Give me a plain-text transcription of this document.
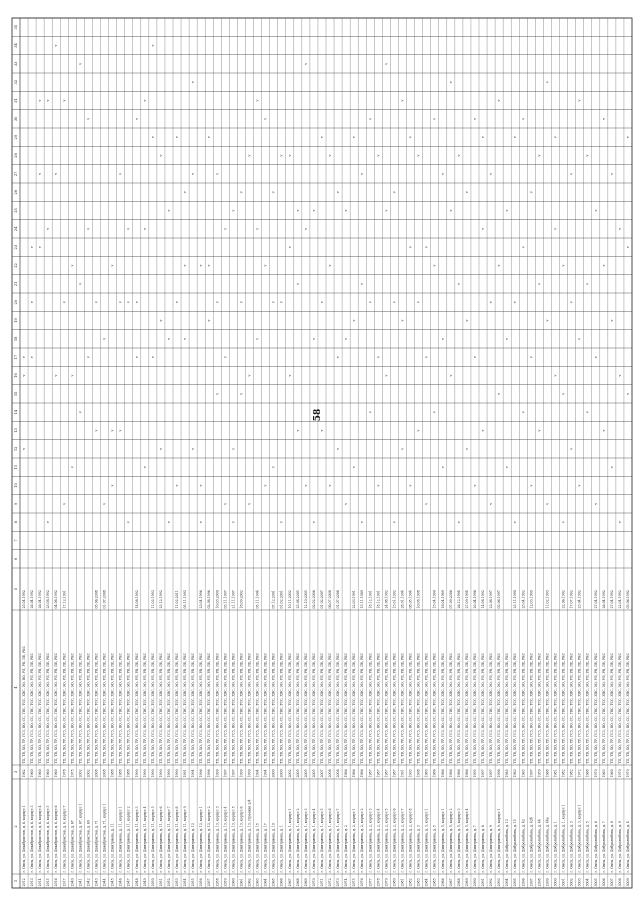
1
2
3
4
5
6
7
8
9
10
11
12
13
14
15
16
17
18
19
20
21
22
23
24
25
26
27
28
29
30
31
32
33
34
35
2912
г. Омск, ул. Декабристов, д. 6, корпус 1
1962
ТП, ТВ, ХО, ТР, ГСЗ, ВО, СС, ГВС, ТСС, ХВС, ЭО, ВО, РЛ, РВ, ЛЕ, РКС
25.04.1992
v
v
v
2913
г. Омск, ул. Декабристов, д. 6, корпус 3
1960
ТП, ТВ, ХО, ТР, ГСЗ, ВО, СС, ГВС, ТСС, ХВС, ЭО, РЛ, РВ, ЛЕ, РКС
26.04.1992
v
v
v
2914
г. Омск, ул. Декабристов, д. 6, корпус 4
1960
ТП, ТВ, ХО, ТР, ГСЗ, ВО, СС, ГВС, ТСС, ХВС, ЭО, РЛ, РВ, ЛЕ, РКС
26.04.1992
v
v
v
2915
г. Омск, ул. Декабристов, д. 6, корпус 5
1960
ТП, ТВ, ХО, ТР, ГСЗ, ВО, СС, ГВС, ТСС, ХВС, ЭО, РЛ, РВ, ЛЕ, РКС
25.08.1992
v
v
v
2916
г. Омск, ул. Декабристов, д. 6, корпус 6
1960
ТП, ТВ, ХО, ТР, ГСЗ, ВО, СС, ГВС, ТСС, ХВС, ЭО, РЛ, РВ, ЛЕ, РКС
04.08.1992
v
v
v
2917
г. Омск, ул. Декабристов, д. 6, корпус 7
1978
ТП, ТВ, ХО, ТР, ГСЗ, ВО, СС, ГВС, ТСС, ХВС, ЭО, РЛ, РВ, ЛЕ, РКС
17.12.1991
v
v
v
2940
г. Омск, ул. Декабристов, д. 67
1975
ТП, ТВ, ХО, ТР, ГСЗ, ВО, СС, ГВС, ТСС, ХВС, ЭО, РЛ, РВ, ЛЕ, РКС
v
v
v
2941
г. Омск, ул. Декабристов, д. 67, корпус 1
2002
ТП, ТВ, ХО, ТР, ГСЗ, ВО, СС, ГВС, ТСС, ХВС, ЭО, РЛ, РВ, ЛЕ, РКС
v
v
v
2942
г. Омск, ул. Декабристов, д. 69
2002
ТП, ТВ, ХО, ТР, ГСЗ, ВО, СС, ГВС, ТСС, ХВС, ЭО, РЛ, РВ, ЛЕ, РКС
v
v
v
2943
г. Омск, ул. Декабристов, д. 71
2008
ТП, ТВ, ХО, ТР, ГСЗ, ВО, СС, ГВС, ТСС, ХВС, ЭО, РЛ, РВ, ЛЕ, РКС
05.06.2008
v
v
2944
г. Омск, ул. Декабристов, д. 71, корпус 1
2008
ТП, ТВ, ХО, ТР, ГСЗ, ВО, СС, ГВС, ТСС, ХВС, ЭО, РЛ, РВ, ЛЕ, РКС
01.07.2008
v
v
2945
г. Омск, ул. Дмитриева, д. 11
1988
ТП, ТВ, ХО, ТР, ГСЗ, ВО, СС, ГВС, ТСС, ХВС, ЭО, РЛ, РВ, ЛЕ, РКС
v
v
v
2946
г. Омск, ул. Дмитриева, д. 11, корпус 1
1988
ТП, ТВ, ХО, ТР, ГСЗ, ВО, СС, ГВС, ТСС, ХВС, ЭО, РЛ, РВ, ЛЕ, РКС
v
v
v
2947
г. Омск, ул. Дмитриева, д. 11, корпус 2
1988
ТП, ТВ, ХО, ТР, ГСЗ, ВО, СС, ГВС, ТСС, ХВС, ЭО, РЛ, РВ, ЛЕ, РКС
v
v
v
2948
г. Омск, ул. Дмитриева, д. 11, корпус 3
1990
ТП, ТВ, ХО, ТР, ГСЗ, ВО, СС, ГВС, ТСС, ХВС, ЭО, РЛ, РВ, ЛЕ, РКС
14.08.1992
v
v
v
2949
г. Омск, ул. Дмитриева, д. 11, корпус 4
1990
ТП, ТВ, ХО, ТР, ГСЗ, ВО, СС, ГВС, ТСС, ХВС, ЭО, РЛ, РВ, ЛЕ, РКС
v
v
v
2950
г. Омск, ул. Дмитриева, д. 11, корпус 5
1990
ТП, ТВ, ХО, ТР, ГСЗ, ВО, СС, ГВС, ТСС, ХВС, ЭО, РЛ, РВ, ЛЕ, РКС
11.02.1993
v
v
v
2951
г. Омск, ул. Дмитриева, д. 11, корпус 6
1990
ТП, ТВ, ХО, ТР, ГСЗ, ВО, СС, ГВС, ТСС, ХВС, ЭО, РЛ, РВ, ЛЕ, РКС
25.12.1992
v
v
v
2952
г. Омск, ул. Дмитриева, д. 11, корпус 7
1990
ТП, ТВ, ХО, ТР, ГСЗ, ВО, СС, ГВС, ТСС, ХВС, ЭО, РЛ, РВ, ЛЕ, РКС
v
v
v
2953
г. Омск, ул. Дмитриева, д. 11, корпус 8
1990
ТП, ТВ, ХО, ТР, ГСЗ, ВО, СС, ГВС, ТСС, ХВС, ЭО, РЛ, РВ, ЛЕ, РКС
11.02.2011
v
v
v
2954
г. Омск, ул. Дмитриева, д. 11, корпус 9
1991
ТП, ТВ, ХО, ТР, ГСЗ, ВО, СС, ГВС, ТСС, ХВС, ЭО, РЛ, РВ, ЛЕ, РКС
05.11.1993
v
v
v
2955
г. Омск, ул. Дмитриева, д. 13
1994
ТП, ТВ, ХО, ТР, ГСЗ, ВО, СС, ГВС, ТСС, ХВС, ЭО, РЛ, РВ, ЛЕ, РКС
v
v
v
2956
г. Омск, ул. Дмитриева, д. 13, корпус 1
1996
ТП, ТВ, ХО, ТР, ГСЗ, ВО, СС, ГВС, ТСС, ХВС, ЭО, РЛ, РВ, ЛЕ, РКС
23.04.1996
v
v
v
2957
г. Омск, ул. Дмитриева, д. 13, корпус 2
1996
ТП, ТВ, ХО, ТР, ГСЗ, ВО, СС, ГВС, ТСС, ХВС, ЭО, РЛ, РВ, ЛЕ, РКС
02.08.1996
v
v
v
2958
г. Омск, ул. Дмитриева, д. 13, корпус 3
1999
ТП, ТВ, ХО, ТР, ГСЗ, ВО, СС, ГВС, ТСС, ХВС, ЭО, РЛ, РВ, ЛЕ, РКС
10.03.2000
v
v
v
2959
г. Омск, ул. Дмитриева, д. 13, корпус 4
1997
ТП, ТВ, ХО, ТР, ГСЗ, ВО, СС, ГВС, ТСС, ХВС, ЭО, РЛ, РВ, ЛЕ, РКС
03.11.1997
v
v
v
2960
г. Омск, ул. Дмитриева, д. 13, корпус 5
1997
ТП, ТВ, ХО, ТР, ГСЗ, ВО, СС, ГВС, ТСС, ХВС, ЭО, РЛ, РВ, ЛЕ, РКС
21.11.1997
v
v
v
2961
г. Омск, ул. Дмитриева, д. 13, корпус 6
1999
ТП, ТВ, ХО, ТР, ГСЗ, ВО, СС, ГВС, ТСС, ХВС, ЭО, РЛ, РВ, ЛЕ, РКС
18.09.2002
v
v
v
2962
г. Омск, ул. Дмитриева, д. 13, строение 2/4
1999
ТП, ТВ, ХО, ТР, ГСЗ, ВО, СС, ГВС, ТСС, ХВС, ЭО, РЛ, РВ, ЛЕ, РКС
v
v
v
2963
г. Омск, ул. Дмитриева, д. 15
1994
ТП, ТВ, ХО, ТР, ГСЗ, ВО, СС, ГВС, ТСС, ХВС, ЭО, РЛ, РВ, ЛЕ, РКС
05.11.1994
v
v
v
2964
г. Омск, ул. Дмитриева, д. 17
1994
ТП, ТВ, ХО, ТР, ГСЗ, ВО, СС, ГВС, ТСС, ХВС, ЭО, РЛ, РВ, ЛЕ, РКС
v
v
v
2965
г. Омск, ул. Дмитриева, д. 19
2000
ТП, ТВ, ХО, ТР, ГСЗ, ВО, СС, ГВС, ТСС, ХВС, ЭО, РЛ, РВ, ЛЕ, РКС
07.12.2001
v
v
v
2966
г. Омск, ул. Дмитриева, д. 1
2000
ТП, ТВ, ХО, ТР, ГСЗ, ВО, СС, ГВС, ТСС, ХВС, ЭО, РЛ, РВ, ЛЕ, РКС
01.02.2001
v
v
v
2967
г. Омск, ул. Дмитриева, д. 1, корпус 1
2002
ТП, ТВ, ХО, ТР, ГСЗ, ВО, СС, ГВС, ТСС, ХВС, ЭО, РЛ, РВ, ЛЕ, РКС
10.11.2002
v
v
v
2968
г. Омск, ул. Дмитриева, д. 1, корпус 2
2005
ТП, ТВ, ХО, ТР, ГСЗ, ВО, СС, ГВС, ТСС, ХВС, ЭО, РЛ, РВ, ЛЕ, РКС
25.08.2005
v
v
v
2969
г. Омск, ул. Дмитриева, д. 1, корпус 3
2005
ТП, ТВ, ХО, ТР, ГСЗ, ВО, СС, ГВС, ТСС, ХВС, ЭО, РЛ, РВ, ЛЕ, РКС
12.10.2005
v
v
v
2970
г. Омск, ул. Дмитриева, д. 1, корпус 4
2005
ТП, ТВ, ХО, ТР, ГСЗ, ВО, СС, ГВС, ТСС, ХВС, ЭО, РЛ, РВ, ЛЕ, РКС
02.02.2006
v
v
v
2971
г. Омск, ул. Дмитриева, д. 1, корпус 5
2007
ТП, ТВ, ХО, ТР, ГСЗ, ВО, СС, ГВС, ТСС, ХВС, ЭО, РЛ, РВ, ЛЕ, РКС
01.02.2007
v
v
v
2972
г. Омск, ул. Дмитриева, д. 1, корпус 6
2008
ТП, ТВ, ХО, ТР, ГСЗ, ВО, СС, ГВС, ТСС, ХВС, ЭО, РЛ, РВ, ЛЕ, РКС
08.07.2008
v
v
v
2973
г. Омск, ул. Дмитриева, д. 1, корпус 7
2008
ТП, ТВ, ХО, ТР, ГСЗ, ВО, СС, ГВС, ТСС, ХВС, ЭО, РЛ, РВ, ЛЕ, РКС
01.07.2008
v
v
v
2974
г. Омск, ул. Дмитриева, д. 2
1986
ТП, ТВ, ХО, ТР, ГСЗ, ВО, СС, ГВС, ТСС, ХВС, ЭО, РЛ, РВ, ЛЕ, РКС
v
v
v
2975
г. Омск, ул. Дмитриева, д. 2, корпус 1
1986
ТП, ТВ, ХО, ТР, ГСЗ, ВО, СС, ГВС, ТСС, ХВС, ЭО, РЛ, РВ, ЛЕ, РКС
22.03.1991
v
v
v
2976
г. Омск, ул. Дмитриева, д. 2, корпус 2
1986
ТП, ТВ, ХО, ТР, ГСЗ, ВО, СС, ГВС, ТСС, ХВС, ЭО, РЛ, РВ, ЛЕ, РКС
15.11.1989
v
v
v
2977
г. Омск, ул. Дмитриева, д. 2, корпус 3
1987
ТП, ТВ, ХО, ТР, ГСЗ, ВО, СС, ГВС, ТСС, ХВС, ЭО, РЛ, РВ, ЛЕ, РКС
18.12.1991
v
v
v
2978
г. Омск, ул. Дмитриева, д. 2, корпус 4
1987
ТП, ТВ, ХО, ТР, ГСЗ, ВО, СС, ГВС, ТСС, ХВС, ЭО, РЛ, РВ, ЛЕ, РКС
18.12.1991
v
v
v
2979
г. Омск, ул. Дмитриева, д. 2, корпус 5
1987
ТП, ТВ, ХО, ТР, ГСЗ, ВО, СС, ГВС, ТСС, ХВС, ЭО, РЛ, РВ, ЛЕ, РКС
24.08.1992
v
v
v
2980
г. Омск, ул. Дмитриева, д. 2, корпус 6
1987
ТП, ТВ, ХО, ТР, ГСЗ, ВО, СС, ГВС, ТСС, ХВС, ЭО, РЛ, РВ, ЛЕ, РКС
15.01.1992
v
v
v
2981
г. Омск, ул. Дмитриева, д. 2, корпус 7
1991
ТП, ТВ, ХО, ТР, ГСЗ, ВО, СС, ГВС, ТСС, ХВС, ЭО, РЛ, РВ, ЛЕ, РКС
28.01.1994
v
v
v
2982
г. Омск, ул. Дмитриева, д. 2, корпус 8
1993
ТП, ТВ, ХО, ТР, ГСЗ, ВО, СС, ГВС, ТСС, ХВС, ЭО, РЛ, РВ, ЛЕ, РКС
08.05.1994
v
v
v
2983
г. Омск, ул. Дмитриева, д. 3
1998
ТП, ТВ, ХО, ТР, ГСЗ, ВО, СС, ГВС, ТСС, ХВС, ЭО, РЛ, РВ, ЛЕ, РКС
10.08.1998
v
v
v
2984
г. Омск, ул. Дмитриева, д. 3, корпус 1
1980
ТП, ТВ, ХО, ТР, ГСЗ, ВО, СС, ГВС, ТСС, ХВС, ЭО, РЛ, РВ, ЛЕ, РКС
v
v
v
2985
г. Омск, ул. Дмитриева, д. 5
1986
ТП, ТВ, ХО, ТР, ГСЗ, ВО, СС, ГВС, ТСС, ХВС, ЭО, РЛ, РВ, ЛЕ, РКС
15.04.1990
v
v
v
2986
г. Омск, ул. Дмитриева, д. 5, корпус 1
1986
ТП, ТВ, ХО, ТР, ГСЗ, ВО, СС, ГВС, ТСС, ХВС, ЭО, РЛ, РВ, ЛЕ, РКС
18.04.1989
v
v
v
2987
г. Омск, ул. Дмитриева, д. 5, корпус 2
1986
ТП, ТВ, ХО, ТР, ГСЗ, ВО, СС, ГВС, ТСС, ХВС, ЭО, РЛ, РВ, ЛЕ, РКС
07.09.2006
v
v
v
2988
г. Омск, ул. Дмитриева, д. 5, корпус 3
1986
ТП, ТВ, ХО, ТР, ГСЗ, ВО, СС, ГВС, ТСС, ХВС, ЭО, РЛ, РВ, ЛЕ, РКС
26.12.1994
v
v
v
2989
г. Омск, ул. Дмитриева, д. 5, корпус 4
1986
ТП, ТВ, ХО, ТР, ГСЗ, ВО, СС, ГВС, ТСС, ХВС, ЭО, РЛ, РВ, ЛЕ, РКС
27.09.1994
v
v
v
2990
г. Омск, ул. Дмитриева, д. 7
1995
ТП, ТВ, ХО, ТР, ГСЗ, ВО, СС, ГВС, ТСС, ХВС, ЭО, РЛ, РВ, ЛЕ, РКС
20.04.1996
v
v
v
2991
г. Омск, ул. Дмитриева, д. 8
1997
ТП, ТВ, ХО, ТР, ГСЗ, ВО, СС, ГВС, ТСС, ХВС, ЭО, РЛ, РВ, ЛЕ, РКС
14.08.1992
v
v
v
2992
г. Омск, ул. Дмитриева, д. 9
1997
ТП, ТВ, ХО, ТР, ГСЗ, ВО, СС, ГВС, ТСС, ХВС, ЭО, РЛ, РВ, ЛЕ, РКС
22.08.1997
v
v
v
2993
г. Омск, ул. Дмитриева, д. 9, корпус 1
1998
ТП, ТВ, ХО, ТР, ГСЗ, ВО, СС, ГВС, ТСС, ХВС, ЭО, РЛ, РВ, ЛЕ, РКС
03.06.1997
v
v
v
2994
г. Омск, ул. Добролюбова, д. 13
1985
ТП, ТВ, ХО, ТР, ГСЗ, ВО, СС, ГВС, ТСС, ХВС, ЭО, РЛ, РВ, ЛЕ, РКС
v
v
v
2995
г. Омск, ул. Добролюбова, д. 15
1983
ТП, ТВ, ХО, ТР, ГСЗ, ВО, СС, ГВС, ТСС, ХВС, ЭО, РЛ, РВ, ЛЕ, РКС
25.11.1990
v
v
v
2996
г. Омск, ул. Добролюбова, д. 42
1963
ТП, ТВ, ХО, ТР, ГСЗ, ВО, СС, ГВС, ТСС, ХВС, ЭО, РЛ, РВ, ЛЕ, РКС
25.04.1992
v
v
v
2997
г. Омск, ул. Добролюбова, д. 42б
1997
ТП, ТВ, ХО, ТР, ГСЗ, ВО, СС, ГВС, ТСС, ХВС, ЭО, РЛ, РВ, ЛЕ, РКС
12.03.1999
v
v
v
2998
г. Омск, ул. Добролюбова, д. 44
1959
ТП, ТВ, ХО, ТР, ГСЗ, ВО, СС, ГВС, ТСС, ХВС, ЭО, РЛ, РВ, ЛЕ, РКС
v
v
v
2999
г. Омск, ул. Добролюбова, д. 44а
1968
ТП, ТВ, ХО, ТР, ГСЗ, ВО, СС, ГВС, ТСС, ХВС, ЭО, РЛ, РВ, ЛЕ, РКС
11.02.1993
v
v
v
3000
г. Омск, ул. Добролюбова, д. 1
1981
ТП, ТВ, ХО, ТР, ГСЗ, ВО, СС, ГВС, ТСС, ХВС, ЭО, РЛ, РВ, ЛЕ, РКС
v
v
v
3001
г. Омск, ул. Добролюбова, д. 1, корпус 1
1982
ТП, ТВ, ХО, ТР, ГСЗ, ВО, СС, ГВС, ТСС, ХВС, ЭО, РЛ, РВ, ЛЕ, РКС
22.06.1992
v
v
v
3002
г. Омск, ул. Добролюбова, д. 3
1982
ТП, ТВ, ХО, ТР, ГСЗ, ВО, СС, ГВС, ТСС, ХВС, ЭО, РЛ, РВ, ЛЕ, РКС
17.07.1992
v
v
v
3003
г. Омск, ул. Добролюбова, д. 3, корпус 1
1972
ТП, ТВ, ХО, ТР, ГСЗ, ВО, СС, ГВС, ТСС, ХВС, ЭО, РЛ, РВ, ЛЕ, РКС
23.04.1992
v
v
v
3004
г. Омск, ул. Добролюбова, д. 5
1968
ТП, ТВ, ХО, ТР, ГСЗ, ВО, СС, ГВС, ТСС, ХВС, ЭО, РЛ, РВ, ЛЕ, РКС
v
v
v
3005
г. Омск, ул. Добролюбова, д. 6
1970
ТП, ТВ, ХО, ТР, ГСЗ, ВО, СС, ГВС, ТСС, ХВС, ЭО, РЛ, РВ, ЛЕ, РКС
27.04.1992
v
v
v
3006
г. Омск, ул. Добролюбова, д. 7
1963
ТП, ТВ, ХО, ТР, ГСЗ, ВО, СС, ГВС, ТСС, ХВС, ЭО, РЛ, РВ, ЛЕ, РКС
26.04.1992
v
v
v
3007
г. Омск, ул. Добролюбова, д. 8
1960
ТП, ТВ, ХО, ТР, ГСЗ, ВО, СС, ГВС, ТСС, ХВС, ЭО, РЛ, РВ, ЛЕ, РКС
27.04.1992
v
v
v
3008
г. Омск, ул. Добролюбова, д. 9
1970
ТП, ТВ, ХО, ТР, ГСЗ, ВО, СС, ГВС, ТСС, ХВС, ЭО, РЛ, РВ, ЛЕ, РКС
22.04.1992
v
v
v
3009
г. Омск, ул. Добролюбова, д. 4
1970
ТП, ТВ, ХО, ТР, ГСЗ, ВО, СС, ГВС, ТСС, ХВС, ЭО, РЛ, РВ, ЛЕ, РКС
03.06.1992
v
v
v
58
